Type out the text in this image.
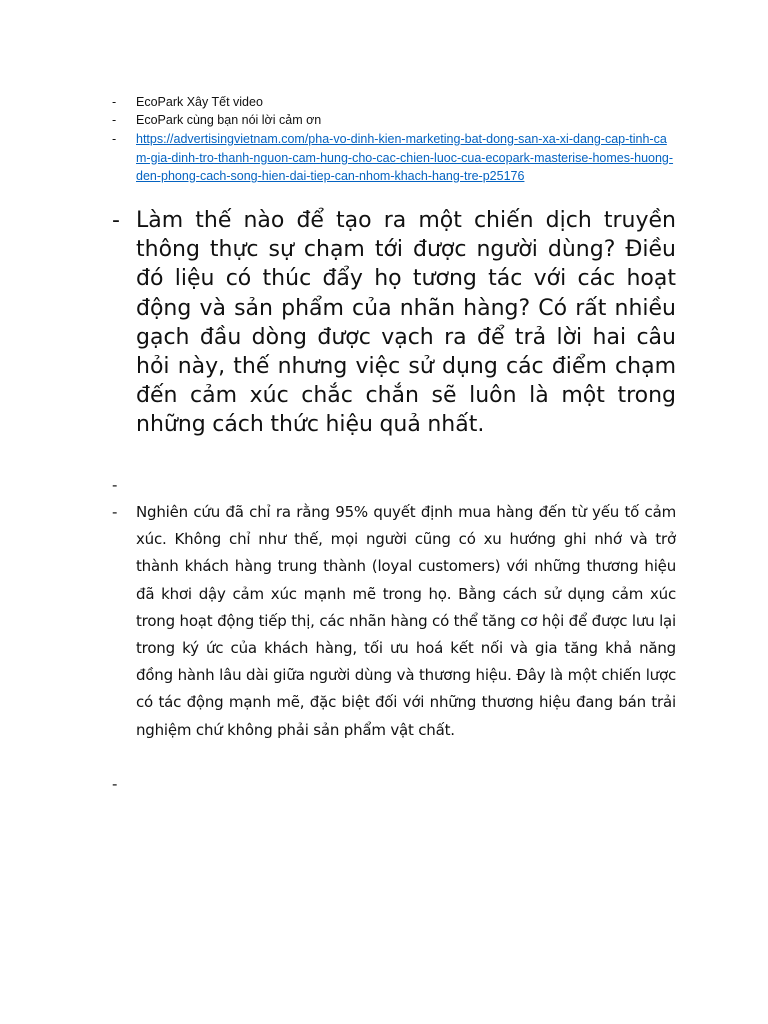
- EcoPark Xây Tết video
- EcoPark cùng bạn nói lời cảm ơn
- https://advertisingvietnam.com/pha-vo-dinh-kien-marketing-bat-dong-san-xa-xi-dang-cap-tinh-cam-gia-dinh-tro-thanh-nguon-cam-hung-cho-cac-chien-luoc-cua-ecopark-masterise-homes-huong-den-phong-cach-song-hien-dai-tiep-can-nhom-khach-hang-tre-p25176
- Làm thế nào để tạo ra một chiến dịch truyền thông thực sự chạm tới được người dùng? Điều đó liệu có thúc đẩy họ tương tác với các hoạt động và sản phẩm của nhãn hàng? Có rất nhiều gạch đầu dòng được vạch ra để trả lời hai câu hỏi này, thế nhưng việc sử dụng các điểm chạm đến cảm xúc chắc chắn sẽ luôn là một trong những cách thức hiệu quả nhất.
-
- Nghiên cứu đã chỉ ra rằng 95% quyết định mua hàng đến từ yếu tố cảm xúc. Không chỉ như thế, mọi người cũng có xu hướng ghi nhớ và trở thành khách hàng trung thành (loyal customers) với những thương hiệu đã khơi dậy cảm xúc mạnh mẽ trong họ. Bằng cách sử dụng cảm xúc trong hoạt động tiếp thị, các nhãn hàng có thể tăng cơ hội để được lưu lại trong ký ức của khách hàng, tối ưu hoá kết nối và gia tăng khả năng đồng hành lâu dài giữa người dùng và thương hiệu. Đây là một chiến lược có tác động mạnh mẽ, đặc biệt đối với những thương hiệu đang bán trải nghiệm chứ không phải sản phẩm vật chất.
-
